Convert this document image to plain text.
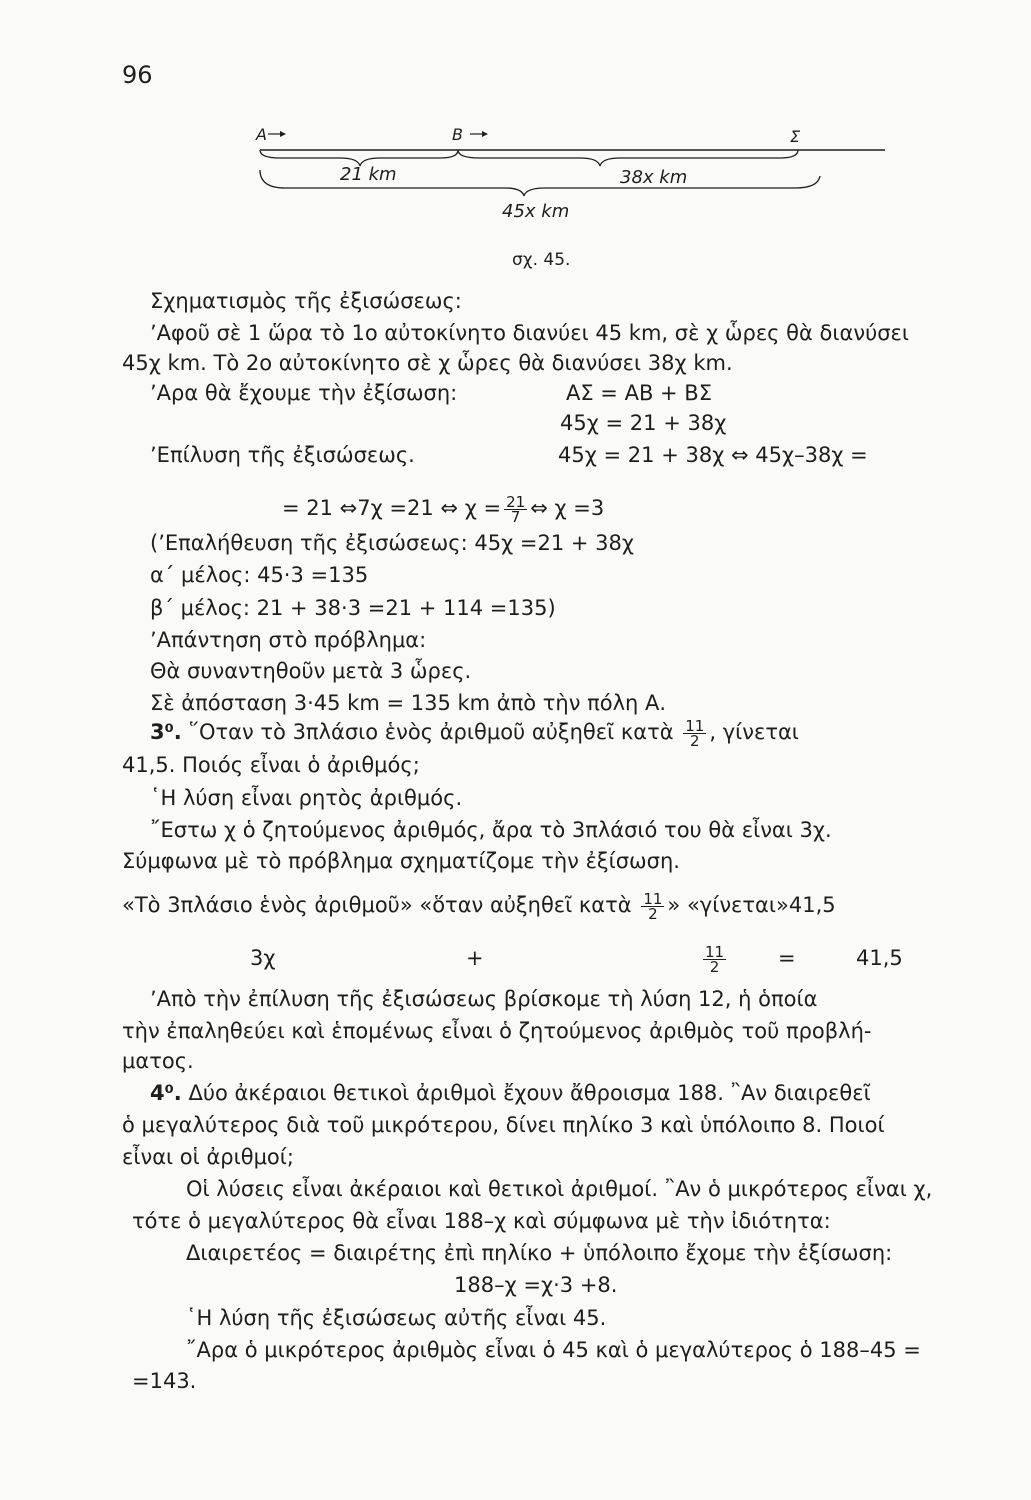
96
A	B	Σ
21 km	38x km
45x km
σχ. 45.
Σχηματισμὸς τῆς ἐξισώσεως:
ʼΑφοῦ σὲ 1 ὥρα τὸ 1ο αὐτοκίνητο διανύει 45 km, σὲ χ ὧρες θὰ διανύσει
45χ km. Τὸ 2ο αὐτοκίνητο σὲ χ ὧρες θὰ διανύσει 38χ km.
ʼΑρα θὰ ἔχουμε τὴν ἐξίσωση:	ΑΣ = ΑΒ + ΒΣ
45χ = 21 + 38χ
ʼΕπίλυση τῆς ἐξισώσεως.	45χ = 21 + 38χ ⇔ 45χ–38χ =
= 21 ⇔7χ =21 ⇔ $\chi = \frac{21}{7}$ ⇔ χ =3
(ʼΕπαλήθευση τῆς ἐξισώσεως: 45χ =21 + 38χ
α΄ μέλος: 45·3 =135
β΄ μέλος: 21 + 38·3 =21 + 114 =135)
ʼΑπάντηση στὸ πρόβλημα:
Θὰ συναντηθοῦν μετὰ 3 ὧρες.
Σὲ ἀπόσταση 3·45 km = 135 km ἀπὸ τὴν πόλη Α.
3⁰. ῞Οταν τὸ 3πλάσιο ἑνὸς ἀριθμοῦ αὐξηθεῖ κατὰ $\frac{11}{2}$ , γίνεται
41,5. Ποιός εἶναι ὁ ἀριθμός;
῾Η λύση εἶναι ρητὸς ἀριθμός.
῎Εστω χ ὁ ζητούμενος ἀριθμός, ἄρα τὸ 3πλάσιό του θὰ εἶναι 3χ.
Σύμφωνα μὲ τὸ πρόβλημα σχηματίζομε τὴν ἐξίσωση.
«Τὸ 3πλάσιο ἑνὸς ἀριθμοῦ» «ὅταν αὐξηθεῖ κατὰ $\frac{11}{2}$ » «γίνεται»41,5
3χ	+	$\frac{11}{2}$ =	41,5
ʼΑπὸ τὴν ἐπίλυση τῆς ἐξισώσεως βρίσκομε τὴ λύση 12, ἡ ὁποία
τὴν ἐπαληθεύει καὶ ἑπομένως εἶναι ὁ ζητούμενος ἀριθμὸς τοῦ προβλή-
ματος.
4⁰. Δύο ἀκέραιοι θετικοὶ ἀριθμοὶ ἔχουν ἄθροισμα 188. ῍Αν διαιρεθεῖ
ὁ μεγαλύτερος διὰ τοῦ μικρότερου, δίνει πηλίκο 3 καὶ ὑπόλοιπο 8. Ποιοί
εἶναι οἱ ἀριθμοί;
Οἱ λύσεις εἶναι ἀκέραιοι καὶ θετικοὶ ἀριθμοί. ῍Αν ὁ μικρότερος εἶναι χ,
τότε ὁ μεγαλύτερος θὰ εἶναι 188–χ καὶ σύμφωνα μὲ τὴν ἰδιότητα:
Διαιρετέος = διαιρέτης ἐπὶ πηλίκο + ὑπόλοιπο ἔχομε τὴν ἐξίσωση:
188–χ =χ·3 +8.
῾Η λύση τῆς ἐξισώσεως αὐτῆς εἶναι 45.
῎Αρα ὁ μικρότερος ἀριθμὸς εἶναι ὁ 45 καὶ ὁ μεγαλύτερος ὁ 188–45 =
=143.
